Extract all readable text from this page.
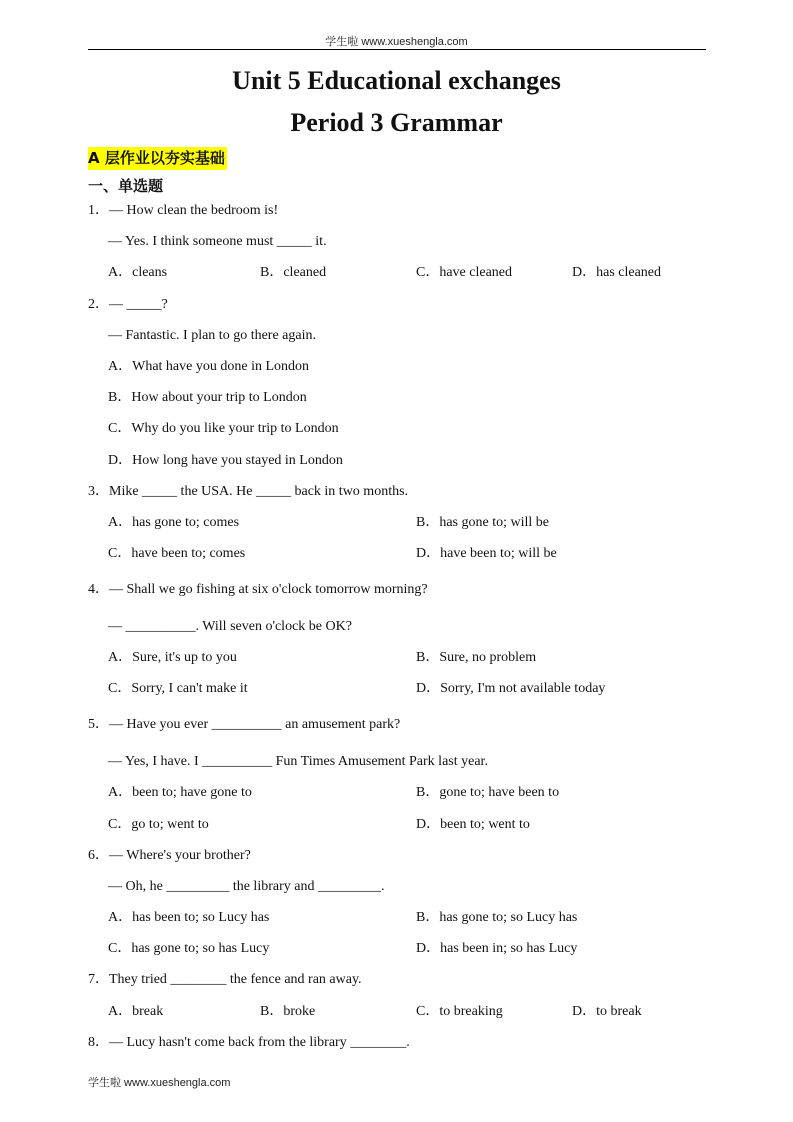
学生啦 www.xueshengla.com
Unit 5 Educational exchanges
Period 3 Grammar
A 层作业以夯实基础
一、单选题
1．— How clean the bedroom is!
— Yes. I think someone must _____ it.
A．cleans	B．cleaned	C．have cleaned	D．has cleaned
2．— _____?
— Fantastic. I plan to go there again.
A．What have you done in London
B．How about your trip to London
C．Why do you like your trip to London
D．How long have you stayed in London
3．Mike _____ the USA. He _____ back in two months.
A．has gone to; comes	B．has gone to; will be
C．have been to; comes	D．have been to; will be
4．— Shall we go fishing at six o'clock tomorrow morning?
— __________. Will seven o'clock be OK?
A．Sure, it's up to you	B．Sure, no problem
C．Sorry, I can't make it	D．Sorry, I'm not available today
5．— Have you ever __________ an amusement park?
— Yes, I have. I __________ Fun Times Amusement Park last year.
A．been to; have gone to	B．gone to; have been to
C．go to; went to	D．been to; went to
6．— Where's your brother?
— Oh, he _________ the library and _________.
A．has been to; so Lucy has	B．has gone to; so Lucy has
C．has gone to; so has Lucy	D．has been in; so has Lucy
7．They tried ________ the fence and ran away.
A．break	B．broke	C．to breaking	D．to break
8．— Lucy hasn't come back from the library ________.
学生啦 www.xueshengla.com
